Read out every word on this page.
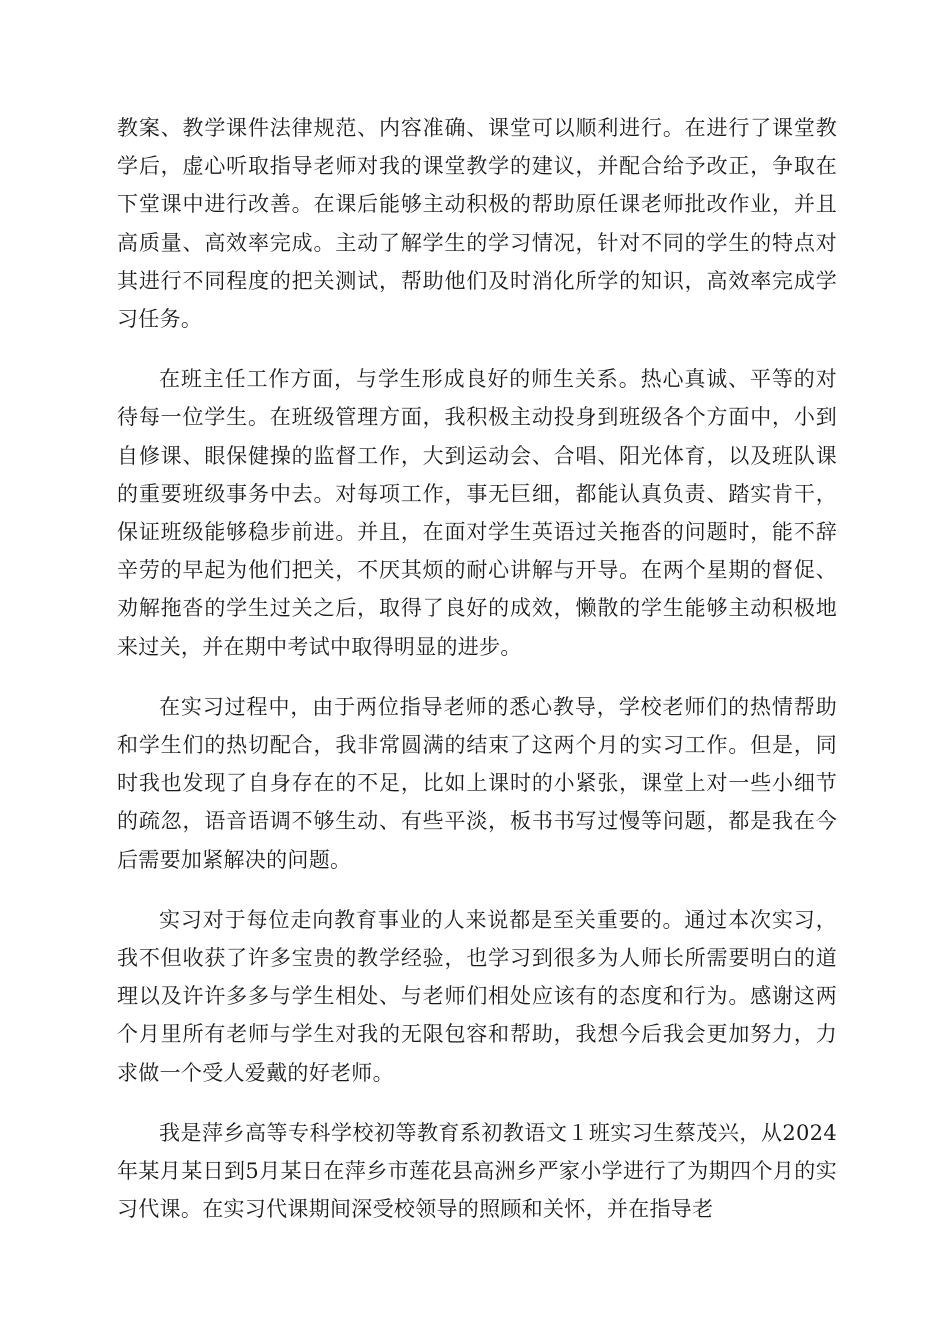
教案、教学课件法律规范、内容准确、课堂可以顺利进行。在进行了课堂教学后，虚心听取指导老师对我的课堂教学的建议，并配合给予改正，争取在下堂课中进行改善。在课后能够主动积极的帮助原任课老师批改作业，并且高质量、高效率完成。主动了解学生的学习情况，针对不同的学生的特点对其进行不同程度的把关测试，帮助他们及时消化所学的知识，高效率完成学习任务。

在班主任工作方面，与学生形成良好的师生关系。热心真诚、平等的对待每一位学生。在班级管理方面，我积极主动投身到班级各个方面中，小到自修课、眼保健操的监督工作，大到运动会、合唱、阳光体育，以及班队课的重要班级事务中去。对每项工作，事无巨细，都能认真负责、踏实肯干，保证班级能够稳步前进。并且，在面对学生英语过关拖沓的问题时，能不辞辛劳的早起为他们把关，不厌其烦的耐心讲解与开导。在两个星期的督促、劝解拖沓的学生过关之后，取得了良好的成效，懒散的学生能够主动积极地来过关，并在期中考试中取得明显的进步。

在实习过程中，由于两位指导老师的悉心教导，学校老师们的热情帮助和学生们的热切配合，我非常圆满的结束了这两个月的实习工作。但是，同时我也发现了自身存在的不足，比如上课时的小紧张，课堂上对一些小细节的疏忽，语音语调不够生动、有些平淡，板书书写过慢等问题，都是我在今后需要加紧解决的问题。

实习对于每位走向教育事业的人来说都是至关重要的。通过本次实习，我不但收获了许多宝贵的教学经验，也学习到很多为人师长所需要明白的道理以及许许多多与学生相处、与老师们相处应该有的态度和行为。感谢这两个月里所有老师与学生对我的无限包容和帮助，我想今后我会更加努力，力求做一个受人爱戴的好老师。

我是萍乡高等专科学校初等教育系初教语文１班实习生蔡茂兴，从2024年某月某日到5月某日在萍乡市莲花县高洲乡严家小学进行了为期四个月的实习代课。在实习代课期间深受校领导的照顾和关怀，并在指导老
